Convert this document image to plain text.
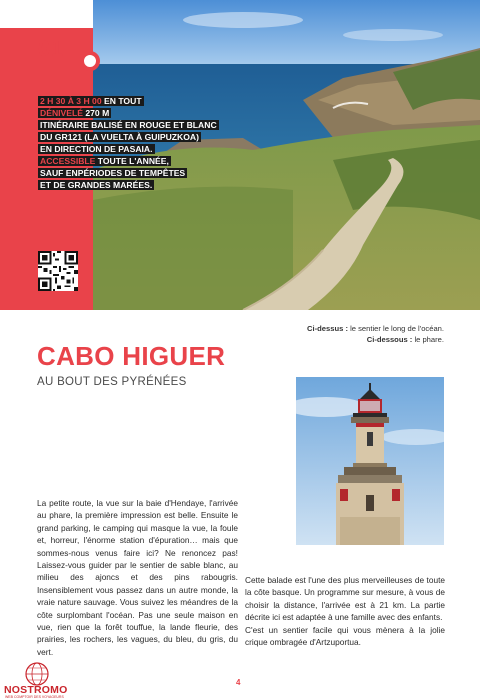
01
2 H 30 À 3 H 00 EN TOUT
DÉNIVELÉ 270 M
ITINÉRAIRE BALISÉ EN ROUGE ET BLANC
DU GR121 (LA VUELTA À GUIPUZKOA)
EN DIRECTION DE PASAIA.
ACCESSIBLE TOUTE L'ANNÉE,
SAUF ENPÉRIODES DE TEMPÊTES
ET DE GRANDES MARÉES.
Ci-dessus : le sentier le long de l'océan.
Ci-dessous : le phare.
CABO HIGUER
AU BOUT DES PYRÉNÉES

La petite route, la vue sur la baie d'Hendaye, l'arrivée au phare, la première impression est belle. Ensuite le grand parking, le camping qui masque la vue, la foule et, horreur, l'énorme station d'épuration… mais que sommes-nous venus faire ici? Ne renoncez pas! Laissez-vous guider par le sentier de sable blanc, au milieu des ajoncs et des pins rabougris. Insensiblement vous passez dans un autre monde, la vraie nature sauvage. Vous suivez les méandres de la côte surplombant l'océan. Pas une seule maison en vue, rien que la forêt touffue, la lande fleurie, des prairies, les rochers, les vagues, du bleu, du gris, du vert.

Cette balade est l'une des plus merveilleuses de toute la côte basque. Un programme sur mesure, à vous de choisir la distance, l'arrivée est à 21 km. La partie décrite ici est adaptée à une famille avec des enfants.

C'est un sentier facile qui vous mènera à la jolie crique ombragée d'Artzuportua.

4
NOSTROMO
WEB COMPTOIR DES VOYAGEURS
